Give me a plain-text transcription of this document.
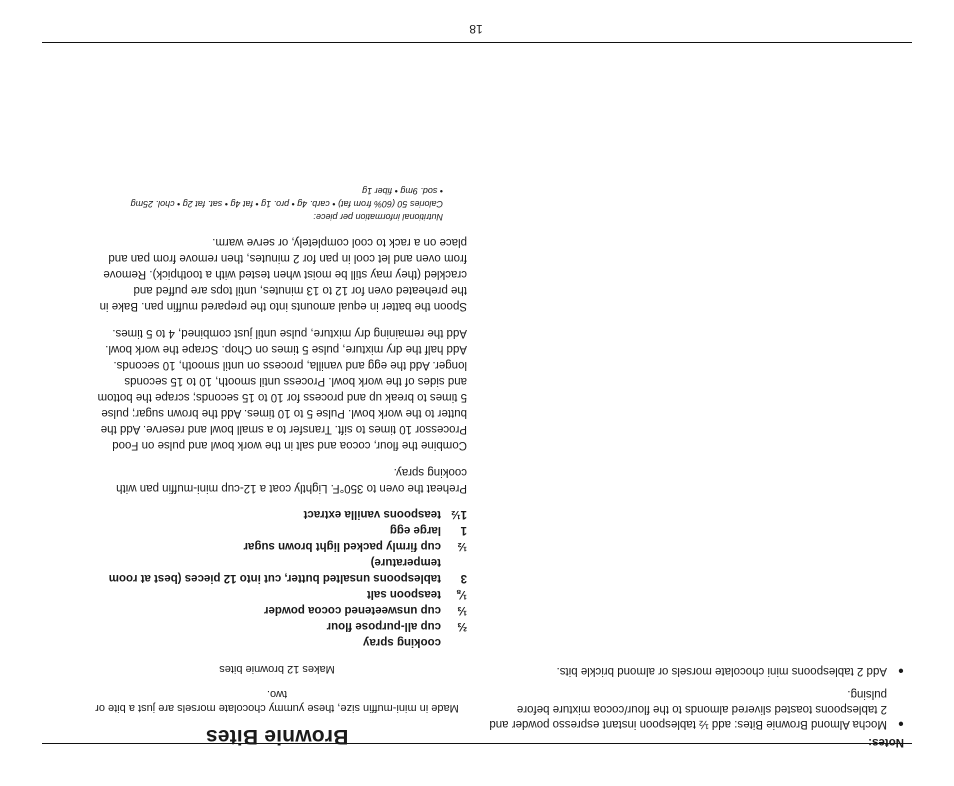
Notes:
●
Mocha Almond Brownie Bites: add ½ tablespoon instant espresso powder and 2 tablespoons toasted slivered almonds to the flour/cocoa mixture before pulsing.
●
Add 2 tablespoons mini chocolate morsels or almond brickle bits.
Brownie Bites

Made in mini-muffin size, these yummy chocolate morsels are just a bite or two.

Makes 12 brownie bites

cooking spray
⅔
cup all-purpose flour
⅓
cup unsweetened cocoa powder
⅛
teaspoon salt
3
tablespoons unsalted butter, cut into 12 pieces (best at room temperature)
½
cup firmly packed light brown sugar
1
large egg
1½
teaspoons vanilla extract

Preheat the oven to 350°F. Lightly coat a 12-cup mini-muffin pan with cooking spray.

Combine the flour, cocoa and salt in the work bowl and pulse on Food Processor 10 times to sift. Transfer to a small bowl and reserve. Add the butter to the work bowl. Pulse 5 to 10 times. Add the brown sugar; pulse 5 times to break up and process for 10 to 15 seconds; scrape the bottom and sides of the work bowl. Process until smooth, 10 to 15 seconds longer. Add the egg and vanilla, process on until smooth, 10 seconds. Add half the dry mixture, pulse 5 times on Chop. Scrape the work bowl. Add the remaining dry mixture, pulse until just combined, 4 to 5 times.

Spoon the batter in equal amounts into the prepared muffin pan. Bake in the preheated oven for 12 to 13 minutes, until tops are puffed and crackled (they may still be moist when tested with a toothpick). Remove from oven and let cool in pan for 2 minutes, then remove from pan and place on a rack to cool completely, or serve warm.

Nutritional information per piece:
Calories 50 (60% from fat) • carb. 4g • pro. 1g • fat 4g • sat. fat 2g • chol. 25mg • sod. 9mg • fiber 1g

18
